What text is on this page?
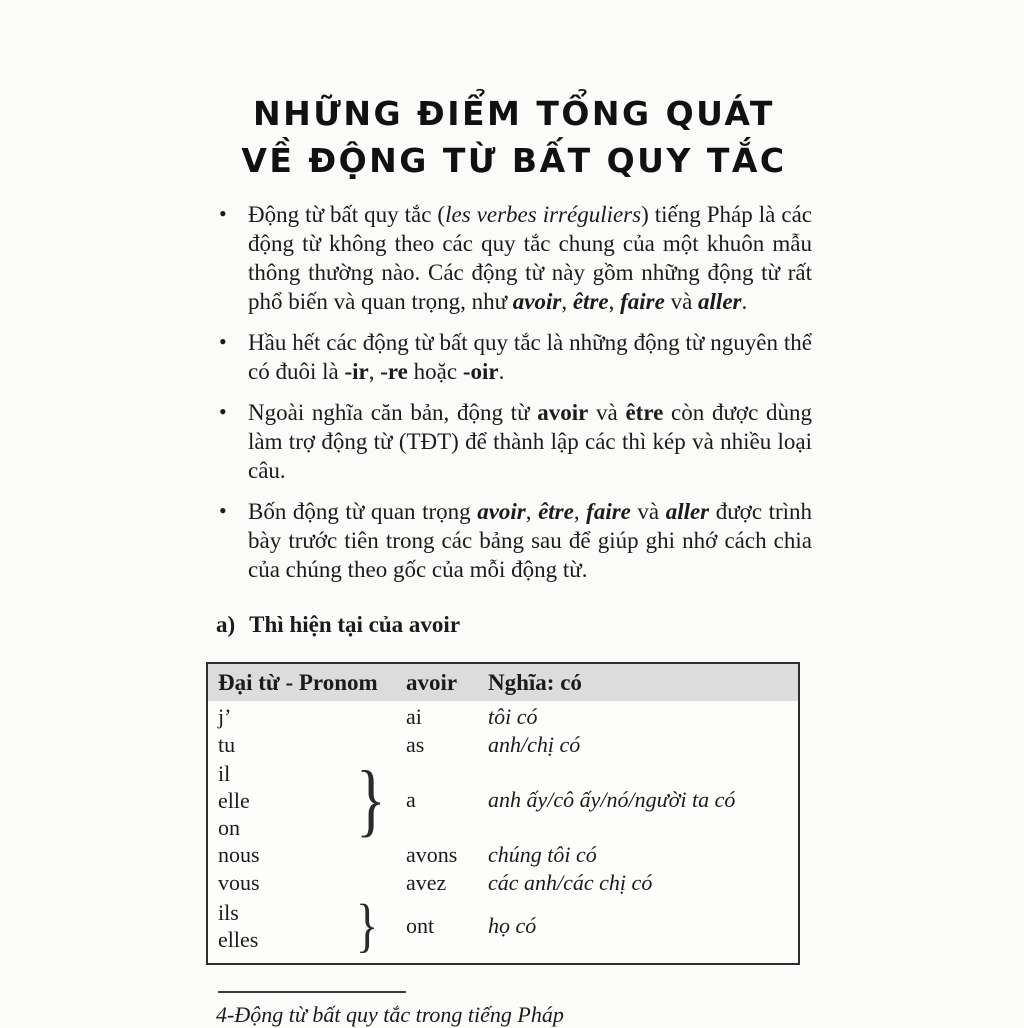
NHỮNG ĐIỂM TỔNG QUÁT
VỀ ĐỘNG TỪ BẤT QUY TẮC
• Động từ bất quy tắc (les verbes irréguliers) tiếng Pháp là các động từ không theo các quy tắc chung của một khuôn mẫu thông thường nào. Các động từ này gồm những động từ rất phổ biến và quan trọng, như avoir, être, faire và aller.
• Hầu hết các động từ bất quy tắc là những động từ nguyên thể có đuôi là -ir, -re hoặc -oir.
• Ngoài nghĩa căn bản, động từ avoir và être còn được dùng làm trợ động từ (TĐT) để thành lập các thì kép và nhiều loại câu.
• Bốn động từ quan trọng avoir, être, faire và aller được trình bày trước tiên trong các bảng sau để giúp ghi nhớ cách chia của chúng theo gốc của mỗi động từ.
a) Thì hiện tại của avoir
Đại từ - Pronom	avoir	Nghĩa: có
j’	ai	tôi có
tu	as	anh/chị có
il
elle
on	} a	anh ấy/cô ấy/nó/người ta có
nous	avons	chúng tôi có
vous	avez	các anh/các chị có
ils
elles	} ont	họ có
4-Động từ bất quy tắc trong tiếng Pháp
